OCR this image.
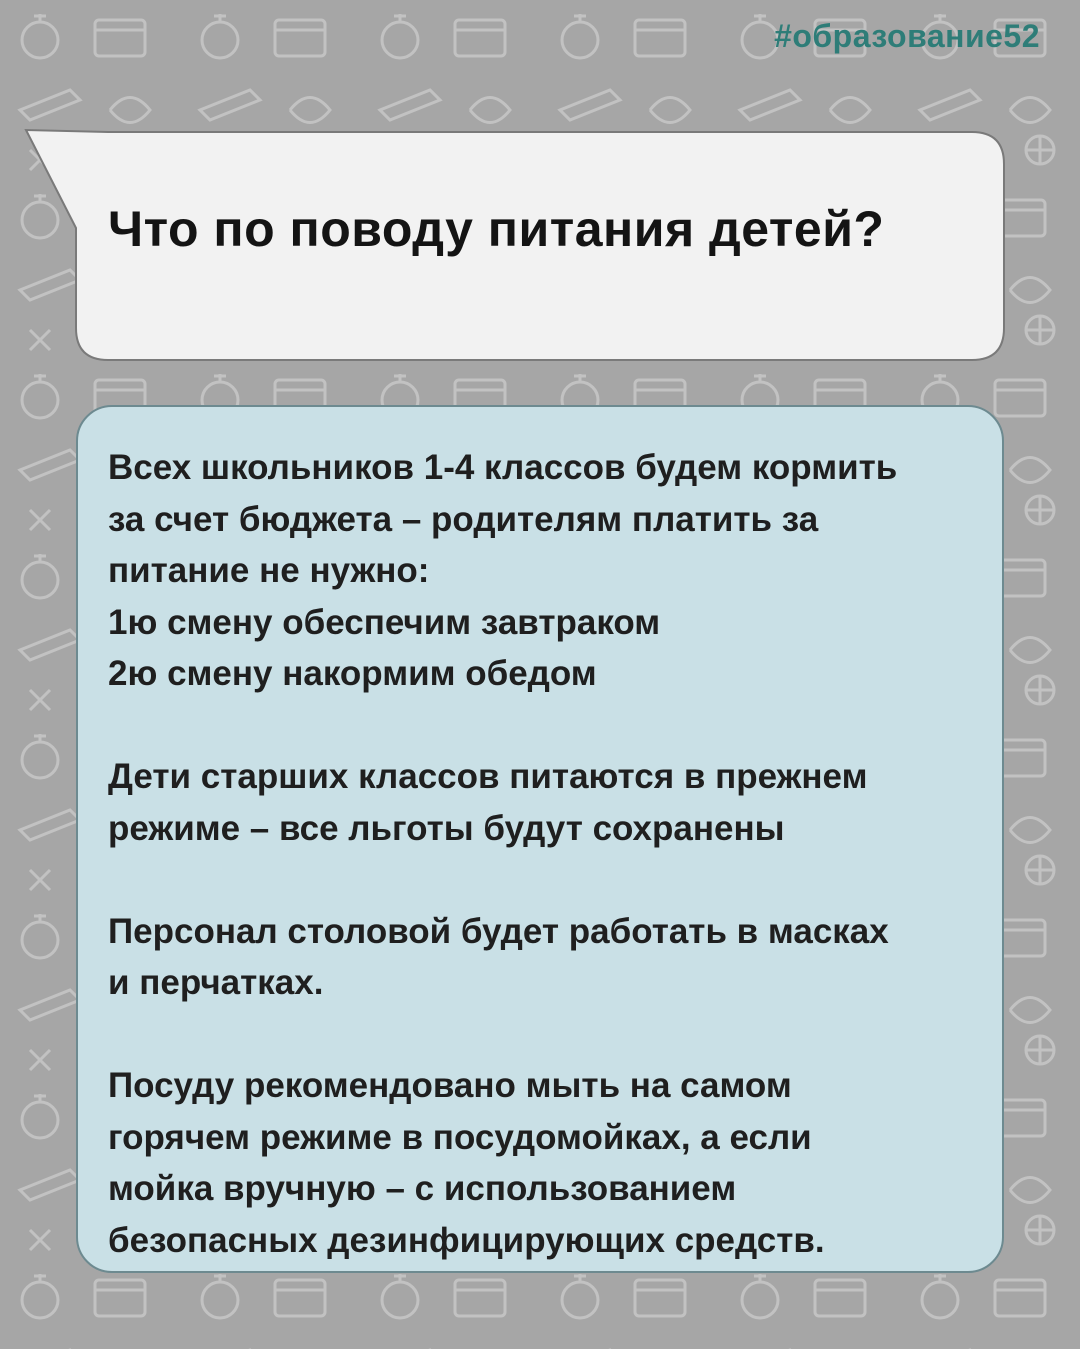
#образование52
Что по поводу питания детей?

Всех школьников 1-4 классов будем кормить
за счет бюджета – родителям платить за
питание не нужно:
1ю смену обеспечим завтраком
2ю смену накормим обедом

Дети старших классов питаются в прежнем
режиме – все льготы будут сохранены

Персонал столовой будет работать в масках
и перчатках.

Посуду рекомендовано мыть на самом
горячем режиме в посудомойках, а если
мойка вручную – с использованием
безопасных дезинфицирующих средств.
